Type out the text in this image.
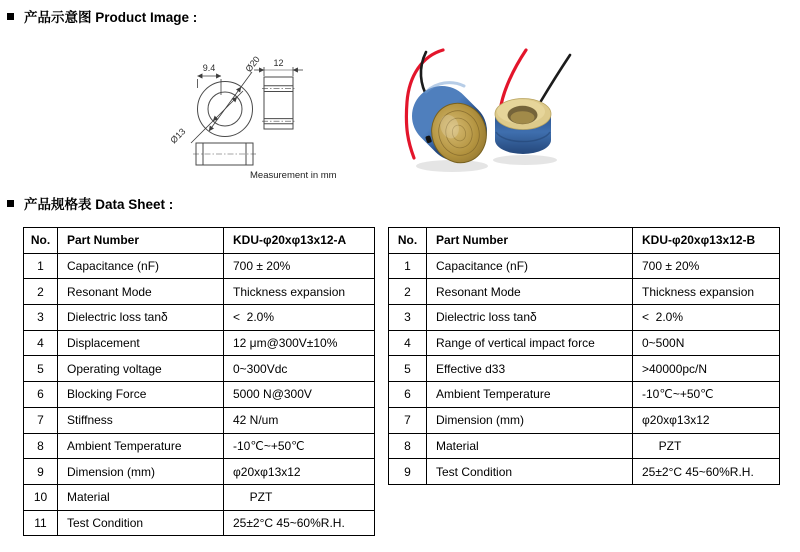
产品示意图 Product Image :
9.4	Ø20
Ø13
12
Measurement in mm
产品规格表 Data Sheet :
No.	Part Number	KDU-φ20xφ13x12-A
1	Capacitance (nF)	700 ± 20%
2	Resonant Mode	Thickness expansion
3	Dielectric loss tanδ	<  2.0%
4	Displacement	12 μm@300V±10%
5	Operating voltage	0~300Vdc
6	Blocking Force	5000 N@300V
7	Stiffness	42 N/um
8	Ambient Temperature	-10℃~+50℃
9	Dimension (mm)	φ20xφ13x12
10	Material	PZT
11	Test Condition	25±2°C 45~60%R.H.
No.	Part Number	KDU-φ20xφ13x12-B
1	Capacitance (nF)	700 ± 20%
2	Resonant Mode	Thickness expansion
3	Dielectric loss tanδ	<  2.0%
4	Range of vertical impact force	0~500N
5	Effective d33	>40000pc/N
6	Ambient Temperature	-10℃~+50℃
7	Dimension (mm)	φ20xφ13x12
8	Material	PZT
9	Test Condition	25±2°C 45~60%R.H.
